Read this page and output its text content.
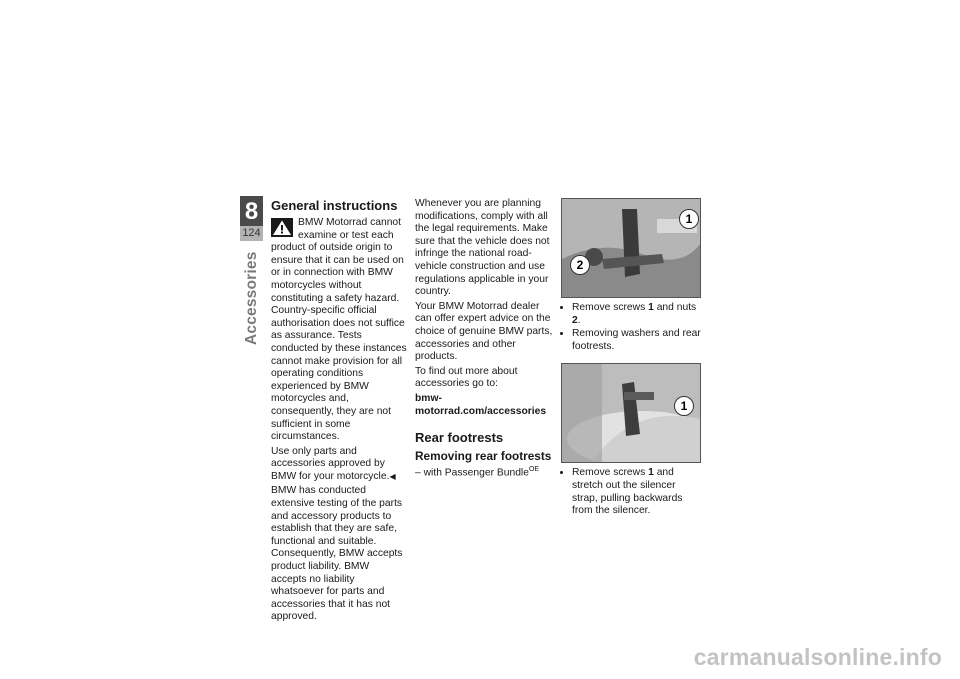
8
124
Accessories
General instructions

BMW Motorrad cannot examine or test each product of outside origin to ensure that it can be used on or in connection with BMW motorcycles without constituting a safety hazard. Country-specific official authorisation does not suffice as assurance. Tests conducted by these instances cannot make provision for all operating conditions experienced by BMW motorcycles and, consequently, they are not sufficient in some circumstances.

Use only parts and accessories approved by BMW for your motorcycle.◀

BMW has conducted extensive testing of the parts and accessory products to establish that they are safe, functional and suitable. Consequently, BMW accepts product liability. BMW accepts no liability whatsoever for parts and accessories that it has not approved.

Whenever you are planning modifications, comply with all the legal requirements. Make sure that the vehicle does not infringe the national road-vehicle construction and use regulations applicable in your country.

Your BMW Motorrad dealer can offer expert advice on the choice of genuine BMW parts, accessories and other products.

To find out more about accessories go to:

bmw-motorrad.com/accessories

Rear footrests
Removing rear footrests

– with Passenger Bundle$^{OE}$

1
2
• Remove screws 1 and nuts 2.
• Removing washers and rear footrests.
1
• Remove screws 1 and stretch out the silencer strap, pulling backwards from the silencer.
carmanualsonline.info
